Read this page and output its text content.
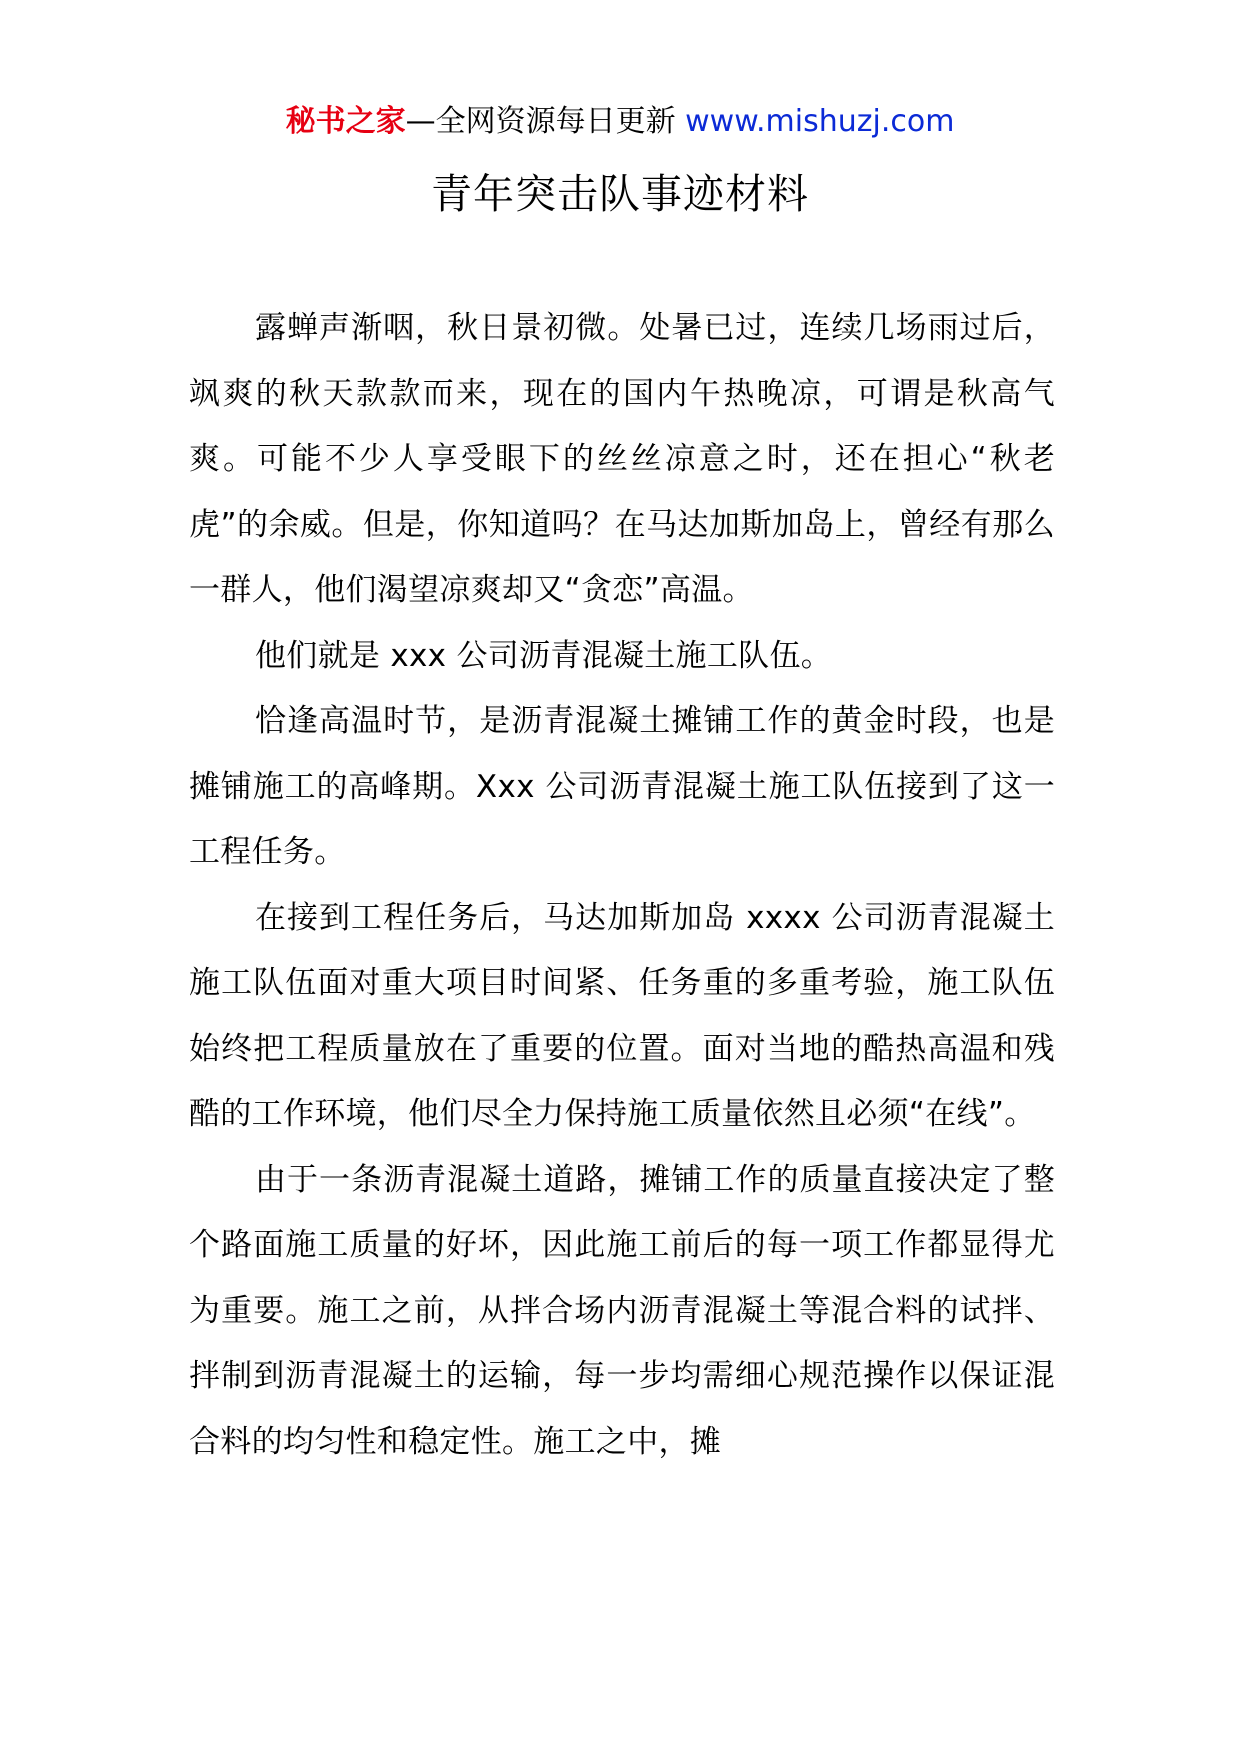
秘书之家—全网资源每日更新 www.mishuzj.com
青年突击队事迹材料

露蝉声渐咽，秋日景初微。处暑已过，连续几场雨过后，飒爽的秋天款款而来，现在的国内午热晚凉，可谓是秋高气爽。可能不少人享受眼下的丝丝凉意之时，还在担心“秋老虎”的余威。但是，你知道吗？在马达加斯加岛上，曾经有那么一群人，他们渴望凉爽却又“贪恋”高温。

他们就是 xxx 公司沥青混凝土施工队伍。

恰逢高温时节，是沥青混凝土摊铺工作的黄金时段，也是摊铺施工的高峰期。Xxx 公司沥青混凝土施工队伍接到了这一工程任务。

在接到工程任务后，马达加斯加岛 xxxx 公司沥青混凝土施工队伍面对重大项目时间紧、任务重的多重考验，施工队伍始终把工程质量放在了重要的位置。面对当地的酷热高温和残酷的工作环境，他们尽全力保持施工质量依然且必须“在线”。

由于一条沥青混凝土道路，摊铺工作的质量直接决定了整个路面施工质量的好坏，因此施工前后的每一项工作都显得尤为重要。施工之前，从拌合场内沥青混凝土等混合料的试拌、拌制到沥青混凝土的运输，每一步均需细心规范操作以保证混合料的均匀性和稳定性。施工之中，摊
